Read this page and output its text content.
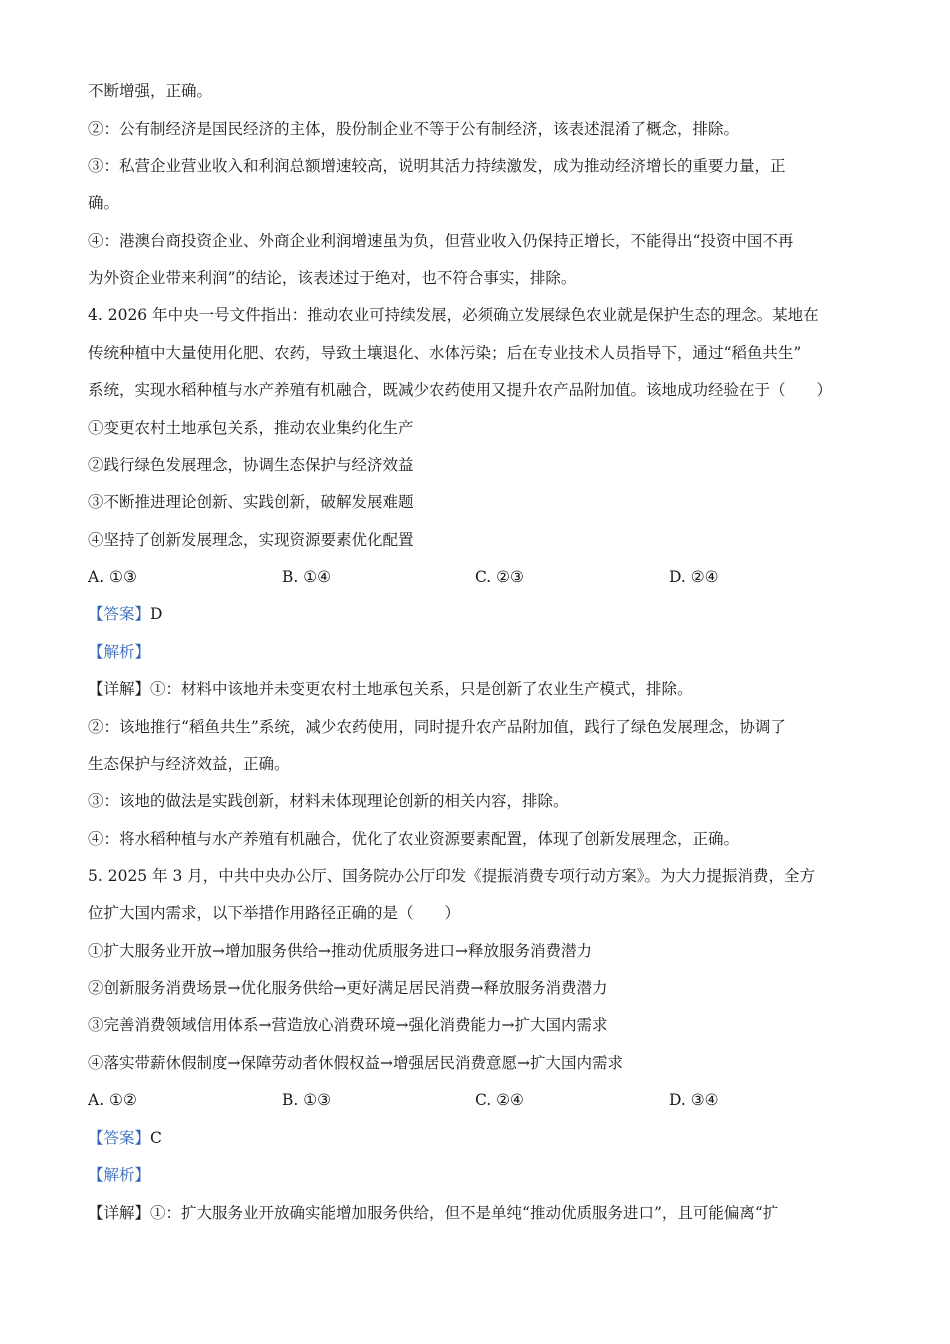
不断增强，正确。
②：公有制经济是国民经济的主体，股份制企业不等于公有制经济，该表述混淆了概念，排除。
③：私营企业营业收入和利润总额增速较高，说明其活力持续激发，成为推动经济增长的重要力量，正
确。
④：港澳台商投资企业、外商企业利润增速虽为负，但营业收入仍保持正增长，不能得出“投资中国不再
为外资企业带来利润”的结论，该表述过于绝对，也不符合事实，排除。
4. 2026 年中央一号文件指出：推动农业可持续发展，必须确立发展绿色农业就是保护生态的理念。某地在
传统种植中大量使用化肥、农药，导致土壤退化、水体污染；后在专业技术人员指导下，通过“稻鱼共生”
系统，实现水稻种植与水产养殖有机融合，既减少农药使用又提升农产品附加值。该地成功经验在于（　　）
①变更农村土地承包关系，推动农业集约化生产
②践行绿色发展理念，协调生态保护与经济效益
③不断推进理论创新、实践创新，破解发展难题
④坚持了创新发展理念，实现资源要素优化配置
A. ①③	B. ①④	C. ②③	D. ②④
【答案】D
【解析】
【详解】①：材料中该地并未变更农村土地承包关系，只是创新了农业生产模式，排除。
②：该地推行“稻鱼共生”系统，减少农药使用，同时提升农产品附加值，践行了绿色发展理念，协调了
生态保护与经济效益，正确。
③：该地的做法是实践创新，材料未体现理论创新的相关内容，排除。
④：将水稻种植与水产养殖有机融合，优化了农业资源要素配置，体现了创新发展理念，正确。
5. 2025 年 3 月，中共中央办公厅、国务院办公厅印发《提振消费专项行动方案》。为大力提振消费，全方
位扩大国内需求，以下举措作用路径正确的是（　　）
①扩大服务业开放→增加服务供给→推动优质服务进口→释放服务消费潜力
②创新服务消费场景→优化服务供给→更好满足居民消费→释放服务消费潜力
③完善消费领域信用体系→营造放心消费环境→强化消费能力→扩大国内需求
④落实带薪休假制度→保障劳动者休假权益→增强居民消费意愿→扩大国内需求
A. ①②	B. ①③	C. ②④	D. ③④
【答案】C
【解析】
【详解】①：扩大服务业开放确实能增加服务供给，但不是单纯“推动优质服务进口”，且可能偏离“扩
